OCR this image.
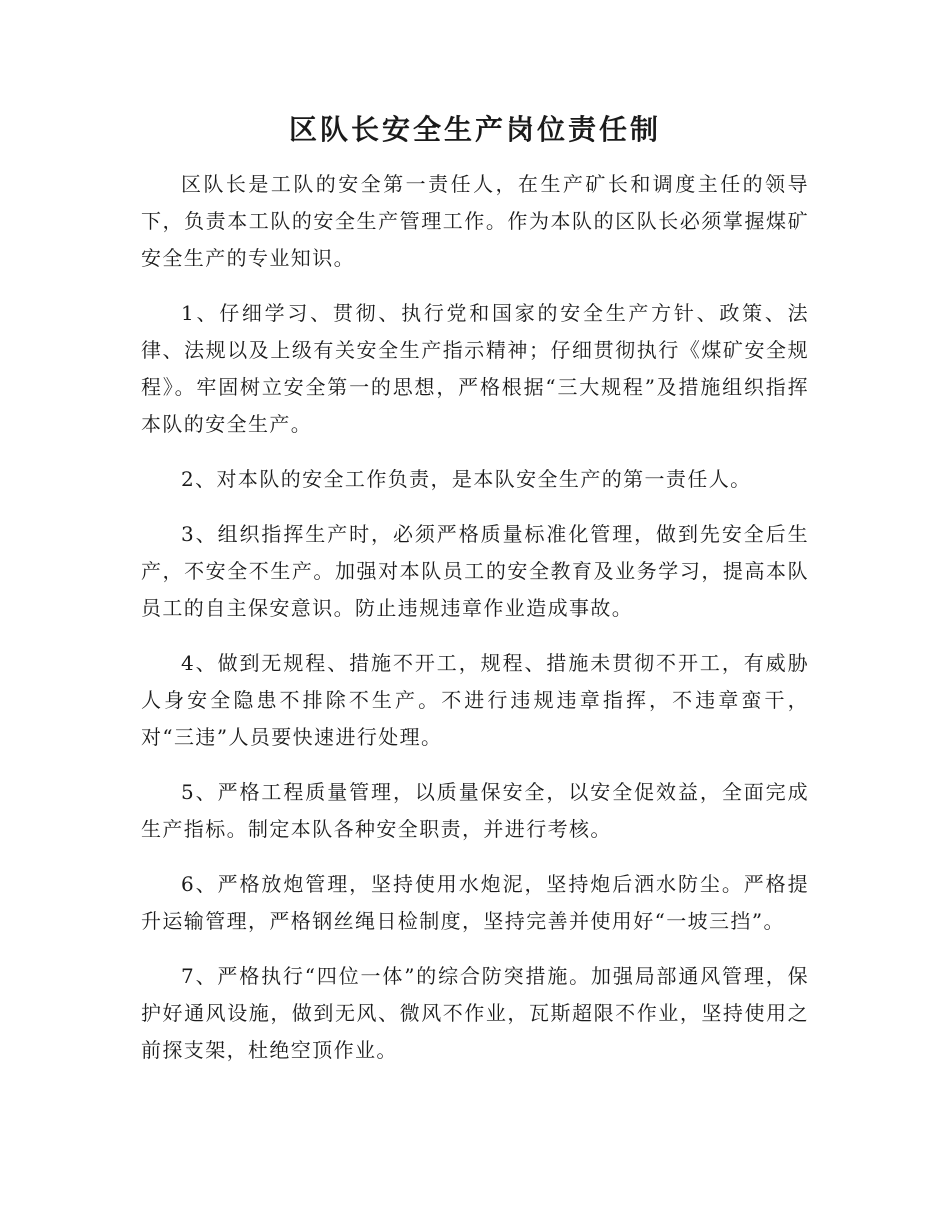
区队长安全生产岗位责任制

区队长是工队的安全第一责任人，在生产矿长和调度主任的领导下，负责本工队的安全生产管理工作。作为本队的区队长必须掌握煤矿安全生产的专业知识。

1、仔细学习、贯彻、执行党和国家的安全生产方针、政策、法律、法规以及上级有关安全生产指示精神；仔细贯彻执行《煤矿安全规程》。牢固树立安全第一的思想，严格根据“三大规程”及措施组织指挥本队的安全生产。

2、对本队的安全工作负责，是本队安全生产的第一责任人。

3、组织指挥生产时，必须严格质量标准化管理，做到先安全后生产，不安全不生产。加强对本队员工的安全教育及业务学习，提高本队员工的自主保安意识。防止违规违章作业造成事故。

4、做到无规程、措施不开工，规程、措施未贯彻不开工，有威胁人身安全隐患不排除不生产。不进行违规违章指挥，不违章蛮干，对“三违”人员要快速进行处理。

5、严格工程质量管理，以质量保安全，以安全促效益，全面完成生产指标。制定本队各种安全职责，并进行考核。

6、严格放炮管理，坚持使用水炮泥，坚持炮后洒水防尘。严格提升运输管理，严格钢丝绳日检制度，坚持完善并使用好“一坡三挡”。

7、严格执行“四位一体”的综合防突措施。加强局部通风管理，保护好通风设施，做到无风、微风不作业，瓦斯超限不作业，坚持使用之前探支架，杜绝空顶作业。
